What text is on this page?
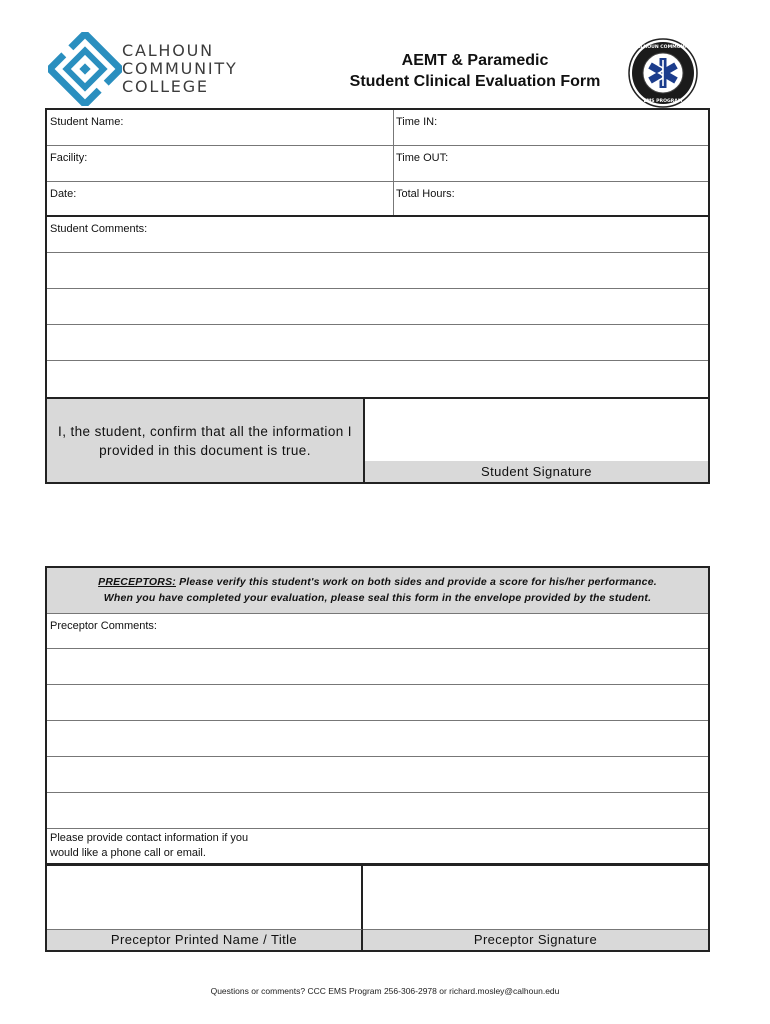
CALHOUN
COMMUNITY
COLLEGE
AEMT & Paramedic
Student Clinical Evaluation Form
CALHOUN COMMUNITY
EMS PROGRAM
Student Name:	Time IN:
Facility:	Time OUT:
Date:	Total Hours:
Student Comments:
I, the student, confirm that all the information I provided in this document is true.
Student Signature
PRECEPTORS: Please verify this student's work on both sides and provide a score for his/her performance.
When you have completed your evaluation, please seal this form in the envelope provided by the student.
Preceptor Comments:
Please provide contact information if you
would like a phone call or email.
Preceptor Printed Name / Title	Preceptor Signature
Questions or comments? CCC EMS Program 256-306-2978 or richard.mosley@calhoun.edu
